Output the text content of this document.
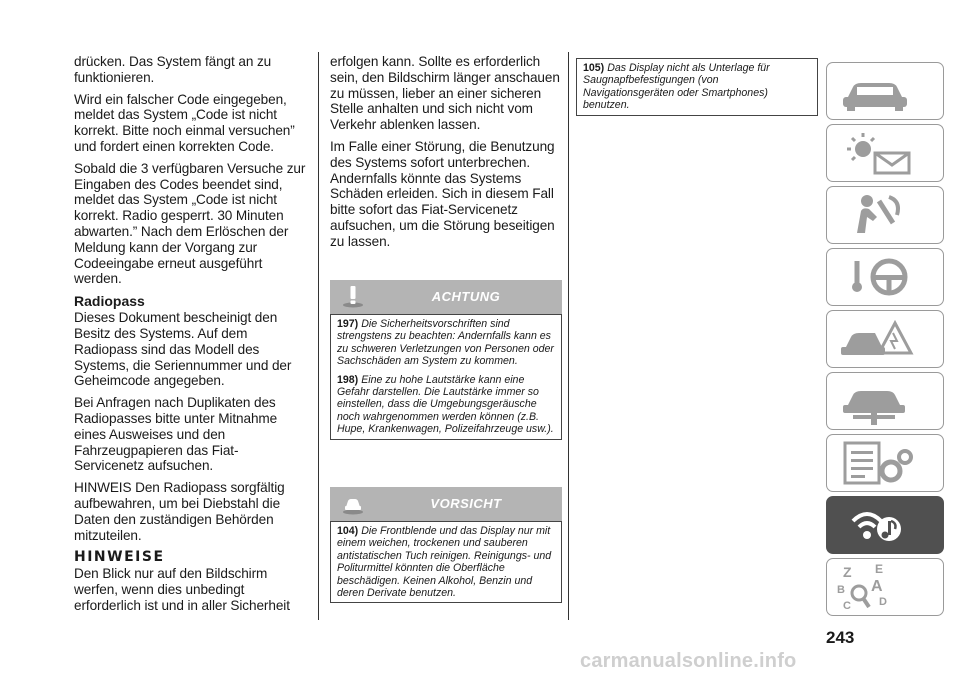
drücken. Das System fängt an zu funktionieren.

Wird ein falscher Code eingegeben, meldet das System „Code ist nicht korrekt. Bitte noch einmal versuchen” und fordert einen korrekten Code.

Sobald die 3 verfügbaren Versuche zur Eingaben des Codes beendet sind, meldet das System „Code ist nicht korrekt. Radio gesperrt. 30 Minuten abwarten.” Nach dem Erlöschen der Meldung kann der Vorgang zur Codeeingabe erneut ausgeführt werden.

Radiopass

Dieses Dokument bescheinigt den Besitz des Systems. Auf dem Radiopass sind das Modell des Systems, die Seriennummer und der Geheimcode angegeben.

Bei Anfragen nach Duplikaten des Radiopasses bitte unter Mitnahme eines Ausweises und den Fahrzeugpapieren das Fiat-Servicenetz aufsuchen.

HINWEIS Den Radiopass sorgfältig aufbewahren, um bei Diebstahl die Daten den zuständigen Behörden mitzuteilen.

HINWEISE

Den Blick nur auf den Bildschirm werfen, wenn dies unbedingt erforderlich ist und in aller Sicherheit

erfolgen kann. Sollte es erforderlich sein, den Bildschirm länger anschauen zu müssen, lieber an einer sicheren Stelle anhalten und sich nicht vom Verkehr ablenken lassen.

Im Falle einer Störung, die Benutzung des Systems sofort unterbrechen. Andernfalls könnte das Systems Schäden erleiden. Sich in diesem Fall bitte sofort das Fiat-Servicenetz aufsuchen, um die Störung beseitigen zu lassen.

ACHTUNG

197) Die Sicherheitsvorschriften sind strengstens zu beachten: Andernfalls kann es zu schweren Verletzungen von Personen oder Sachschäden am System zu kommen.

198) Eine zu hohe Lautstärke kann eine Gefahr darstellen. Die Lautstärke immer so einstellen, dass die Umgebungsgeräusche noch wahrgenommen werden können (z.B. Hupe, Krankenwagen, Polizeifahrzeuge usw.).

VORSICHT

104) Die Frontblende und das Display nur mit einem weichen, trockenen und sauberen antistatischen Tuch reinigen. Reinigungs- und Politurmittel könnten die Oberfläche beschädigen. Keinen Alkohol, Benzin und deren Derivate benutzen.

105) Das Display nicht als Unterlage für Saugnapfbefestigungen (von Navigationsgeräten oder Smartphones) benutzen.

Z E
B A
C	D
243
carmanualsonline.info
